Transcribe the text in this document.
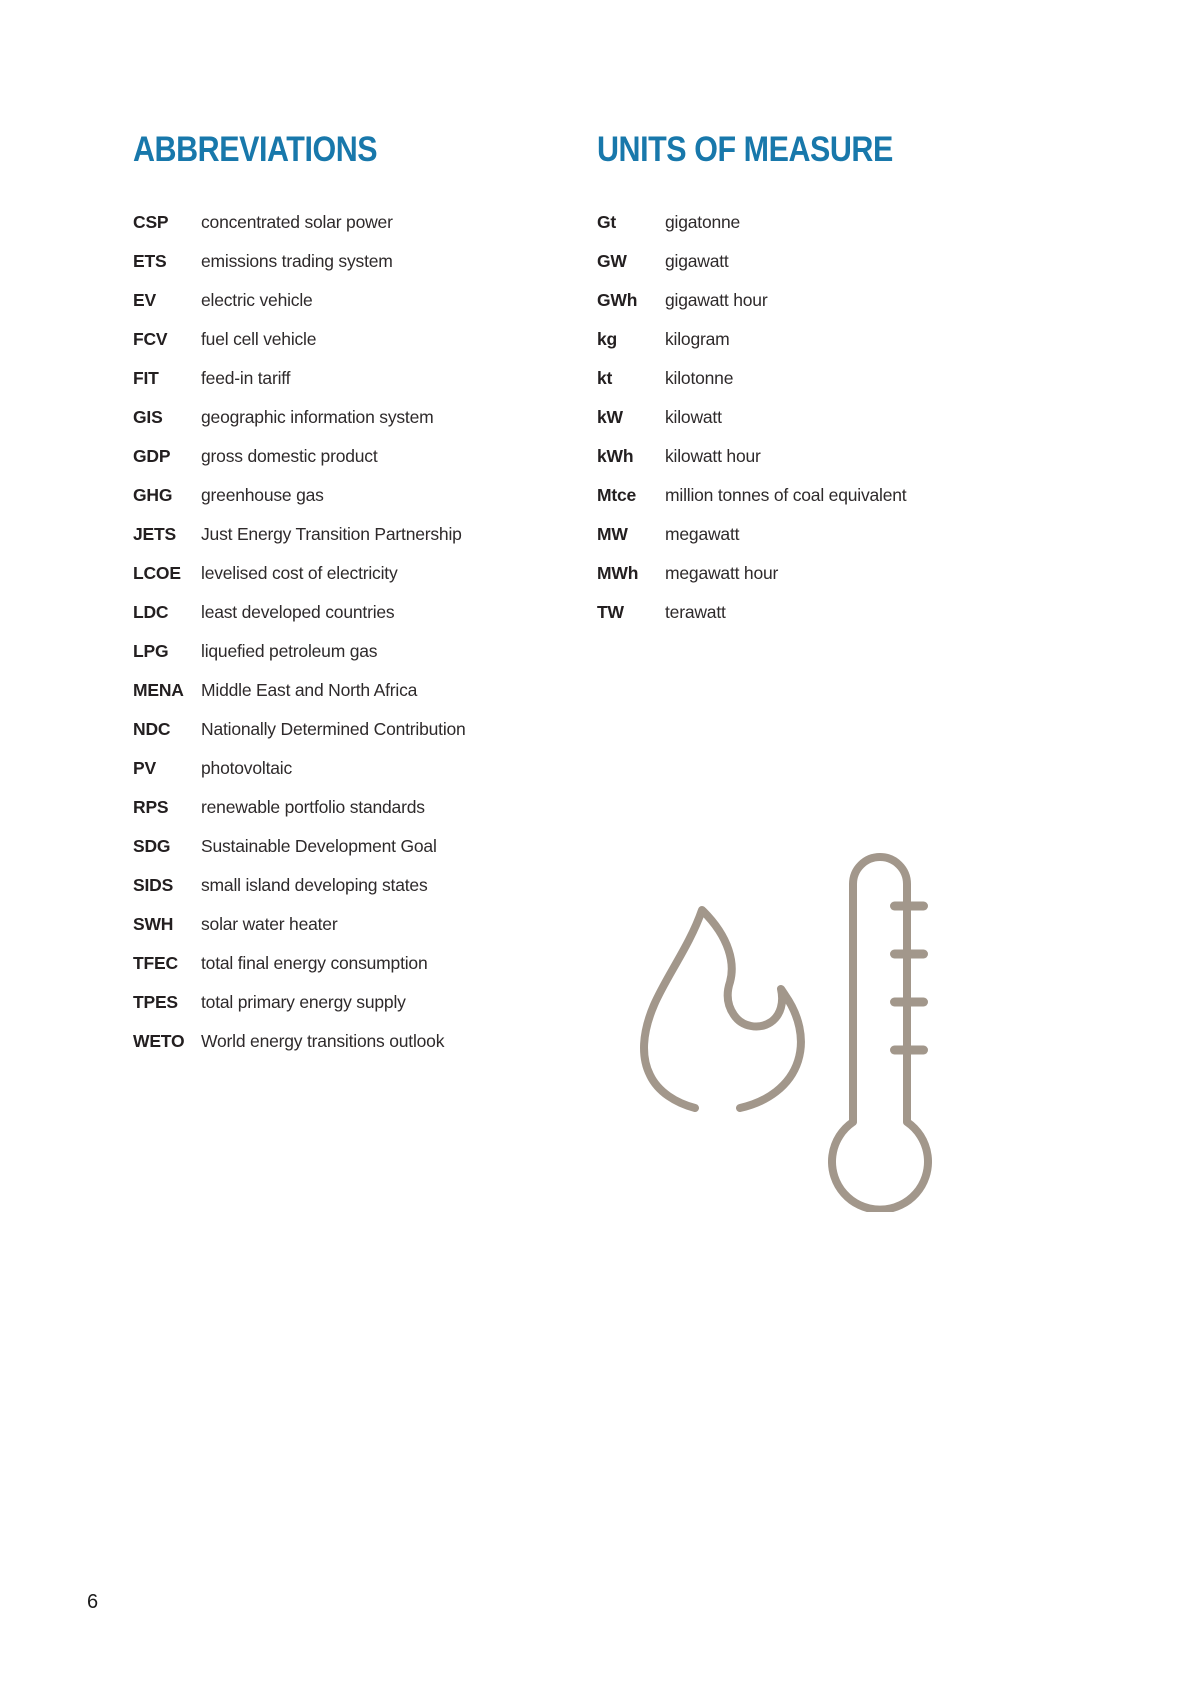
ABBREVIATIONS	UNITS OF MEASURE
CSP	concentrated solar power
ETS	emissions trading system
EV	electric vehicle
FCV	fuel cell vehicle
FIT	feed-in tariff
GIS	geographic information system
GDP	gross domestic product
GHG	greenhouse gas
JETS	Just Energy Transition Partnership
LCOE	levelised cost of electricity
LDC	least developed countries
LPG	liquefied petroleum gas
MENA Middle East and North Africa
NDC	Nationally Determined Contribution
PV	photovoltaic
RPS	renewable portfolio standards
SDG	Sustainable Development Goal
SIDS	small island developing states
SWH	solar water heater
TFEC	total final energy consumption
TPES	total primary energy supply
WETO World energy transitions outlook
Gt	gigatonne
GW	gigawatt
GWh	gigawatt hour
kg	kilogram
kt	kilotonne
kW	kilowatt
kWh	kilowatt hour
Mtce	million tonnes of coal equivalent
MW	megawatt
MWh	megawatt hour
TW	terawatt
6
